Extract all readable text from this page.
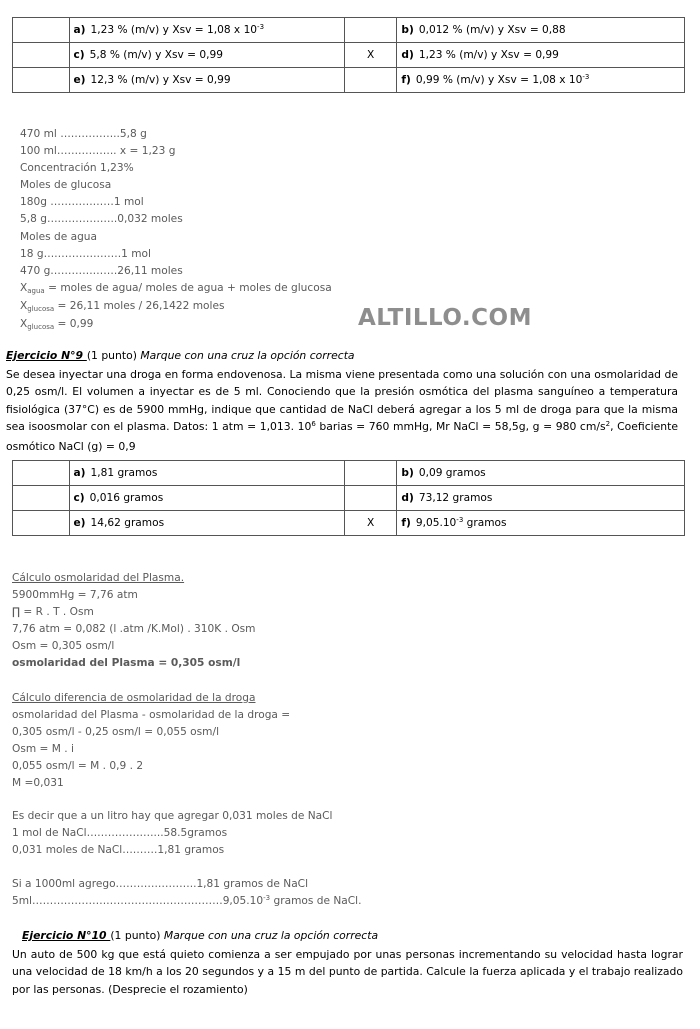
	a) 1,23 % (m/v) y Xsv = 1,08 x $10^{-3}$		b) 0,012 % (m/v) y Xsv = 0,88
	c) 5,8 % (m/v) y Xsv = 0,99	X	d) 1,23 % (m/v) y Xsv = 0,99
	e) 12,3 % (m/v) y Xsv = 0,99		f) 0,99 % (m/v) y Xsv = 1,08 x $10^{-3}$
470 ml ……………..5,8 g
100 ml…………….. x = 1,23 g
Concentración 1,23%
Moles de glucosa
180g ………………1 mol
5,8 g………………..0,032 moles
Moles de agua
18 g………………….1 mol
470 g……………….26,11 moles
Xagua = moles de agua/ moles de agua + moles de glucosa
Xglucosa = 26,11 moles / 26,1422 moles
Xglucosa = 0,99	ALTILLO.COM
Ejercicio N°9 (1 punto) Marque con una cruz la opción correcta
Se desea inyectar una droga en forma endovenosa. La misma viene presentada como una solución con una osmolaridad de 0,25 osm/l. El volumen a inyectar es de 5 ml. Conociendo que la presión osmótica del plasma sanguíneo a temperatura fisiológica (37°C) es de 5900 mmHg, indique que cantidad de NaCl deberá agregar a los 5 ml de droga para que la misma sea isoosmolar con el plasma. Datos: 1 atm = 1,013. $10^6$ barias = 760 mmHg, Mr NaCl = 58,5g, g = 980 $cm/s^2$, Coeficiente osmótico NaCl (g) = 0,9
	a) 1,81 gramos		b) 0,09 gramos
	c) 0,016 gramos		d) 73,12 gramos
	e) 14,62 gramos	X	f) $9,05.10^{-3}$ gramos
Cálculo osmolaridad del Plasma.
5900mmHg = 7,76 atm
∏ = R . T . Osm
7,76 atm = 0,082 (l .atm /K.Mol) . 310K . Osm
Osm = 0,305 osm/l
osmolaridad del Plasma = 0,305 osm/l
Cálculo diferencia de osmolaridad de la droga
osmolaridad del Plasma - osmolaridad de la droga =
0,305 osm/l - 0,25 osm/l = 0,055 osm/l
Osm = M . i
0,055 osm/l = M . 0,9 . 2
M =0,031
Es decir que a un litro hay que agregar 0,031 moles de NaCl
1 mol de NaCl………………....58.5gramos
0,031 moles de NaCl……….1,81 gramos
Si a 1000ml agrego…………………..1,81 gramos de NaCl
$5ml\dots\dots\dots\dots\dots\dots\dots\dots\dots\dots\dots\dots\dots\dots\dots\dots\dots\dots 9,05.10^{-3}$ gramos de NaCl.
Ejercicio N°10 (1 punto) Marque con una cruz la opción correcta
Un auto de 500 kg que está quieto comienza a ser empujado por unas personas incrementando su velocidad hasta lograr una velocidad de 18 km/h a los 20 segundos y a 15 m del punto de partida. Calcule la fuerza aplicada y el trabajo realizado por las personas. (Desprecie el rozamiento)
